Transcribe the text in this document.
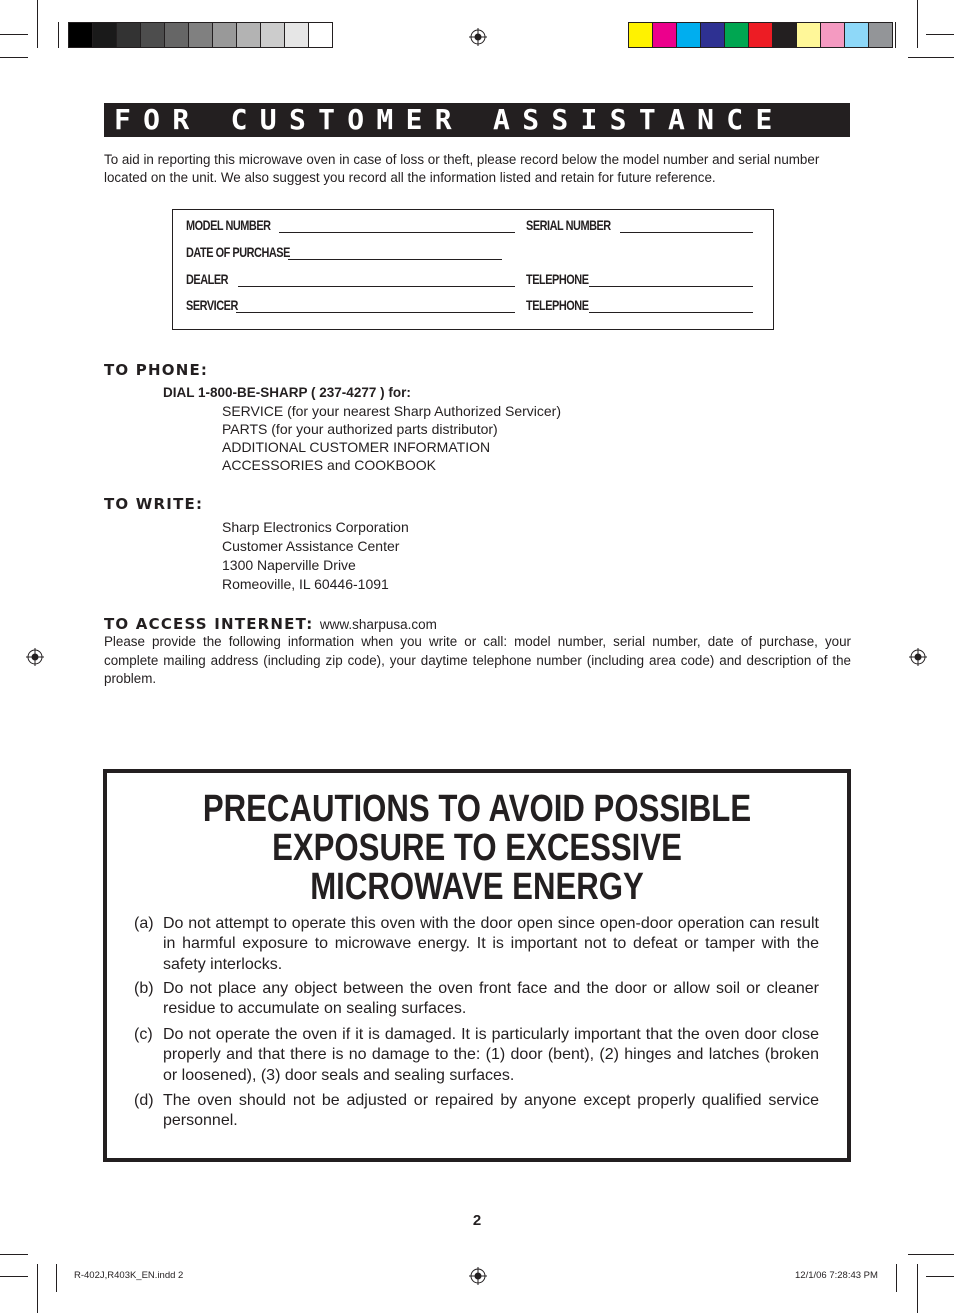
FOR CUSTOMER ASSISTANCE
To aid in reporting this microwave oven in case of loss or theft, please record below the model number and serial number located on the unit. We also suggest you record all the information listed and retain for future reference.
MODEL NUMBER	SERIAL NUMBER
DATE OF PURCHASE
DEALER	TELEPHONE
SERVICER	TELEPHONE
TO PHONE:
DIAL 1-800-BE-SHARP ( 237-4277 ) for:
SERVICE (for your nearest Sharp Authorized Servicer)
PARTS (for your authorized parts distributor)
ADDITIONAL CUSTOMER INFORMATION
ACCESSORIES and COOKBOOK
TO WRITE:
Sharp Electronics Corporation
Customer Assistance Center
1300 Naperville Drive
Romeoville, IL 60446-1091
TO ACCESS INTERNET: www.sharpusa.com
Please provide the following information when you write or call: model number, serial number, date of purchase, your complete mailing address (including zip code), your daytime telephone number (including area code) and description of the problem.
PRECAUTIONS TO AVOID POSSIBLE
EXPOSURE TO EXCESSIVE
MICROWAVE ENERGY
(a) Do not attempt to operate this oven with the door open since open-door operation can result in harmful exposure to microwave energy. It is important not to defeat or tamper with the safety interlocks.
(b) Do not place any object between the oven front face and the door or allow soil or cleaner residue to accumulate on sealing surfaces.
(c) Do not operate the oven if it is damaged. It is particularly important that the oven door close properly and that there is no damage to the: (1) door (bent), (2) hinges and latches (broken or loosened), (3) door seals and sealing surfaces.
(d) The oven should not be adjusted or repaired by anyone except properly qualified service personnel.
2
R-402J,R403K_EN.indd 2	12/1/06 7:28:43 PM
